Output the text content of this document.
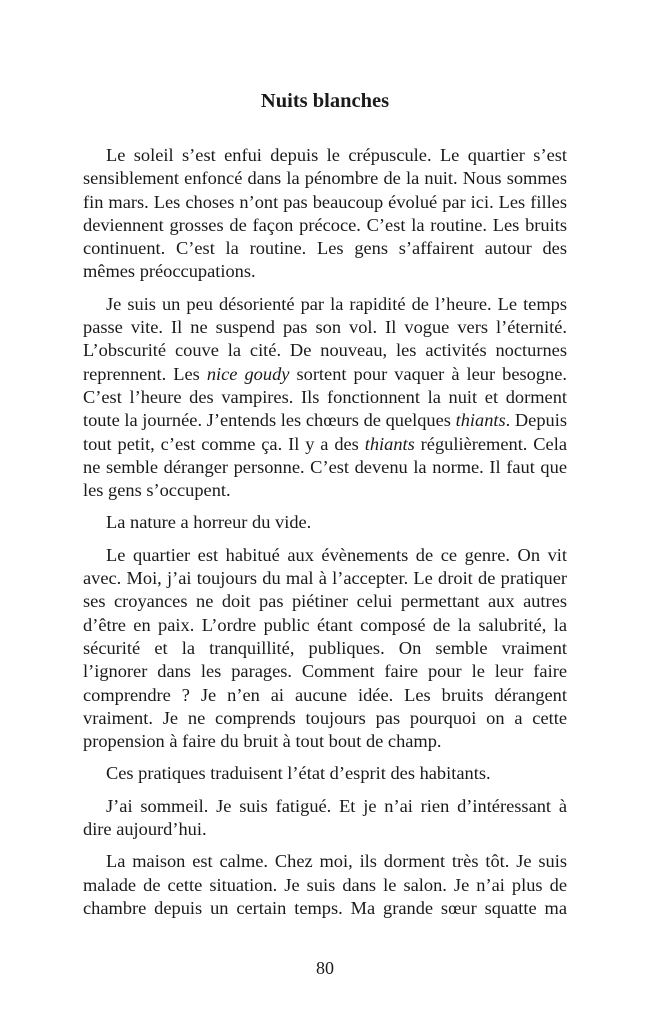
Nuits blanches

Le soleil s’est enfui depuis le crépuscule. Le quartier s’est sensiblement enfoncé dans la pénombre de la nuit. Nous sommes fin mars. Les choses n’ont pas beaucoup évolué par ici. Les filles deviennent grosses de façon précoce. C’est la routine. Les bruits continuent. C’est la routine. Les gens s’affairent autour des mêmes préoccupations.

Je suis un peu désorienté par la rapidité de l’heure. Le temps passe vite. Il ne suspend pas son vol. Il vogue vers l’éternité. L’obscurité couve la cité. De nouveau, les activités nocturnes reprennent. Les nice goudy sortent pour vaquer à leur besogne. C’est l’heure des vampires. Ils fonctionnent la nuit et dorment toute la journée. J’entends les chœurs de quelques thiants. Depuis tout petit, c’est comme ça. Il y a des thiants régulièrement. Cela ne semble déranger personne. C’est devenu la norme. Il faut que les gens s’occupent.

La nature a horreur du vide.

Le quartier est habitué aux évènements de ce genre. On vit avec. Moi, j’ai toujours du mal à l’accepter. Le droit de pratiquer ses croyances ne doit pas piétiner celui permettant aux autres d’être en paix. L’ordre public étant composé de la salubrité, la sécurité et la tranquillité, publiques. On semble vraiment l’ignorer dans les parages. Comment faire pour le leur faire comprendre ? Je n’en ai aucune idée. Les bruits dérangent vraiment. Je ne comprends toujours pas pourquoi on a cette propension à faire du bruit à tout bout de champ.

Ces pratiques traduisent l’état d’esprit des habitants.

J’ai sommeil. Je suis fatigué. Et je n’ai rien d’intéressant à dire aujourd’hui.

La maison est calme. Chez moi, ils dorment très tôt. Je suis malade de cette situation. Je suis dans le salon. Je n’ai plus de chambre depuis un certain temps. Ma grande sœur squatte ma

80
